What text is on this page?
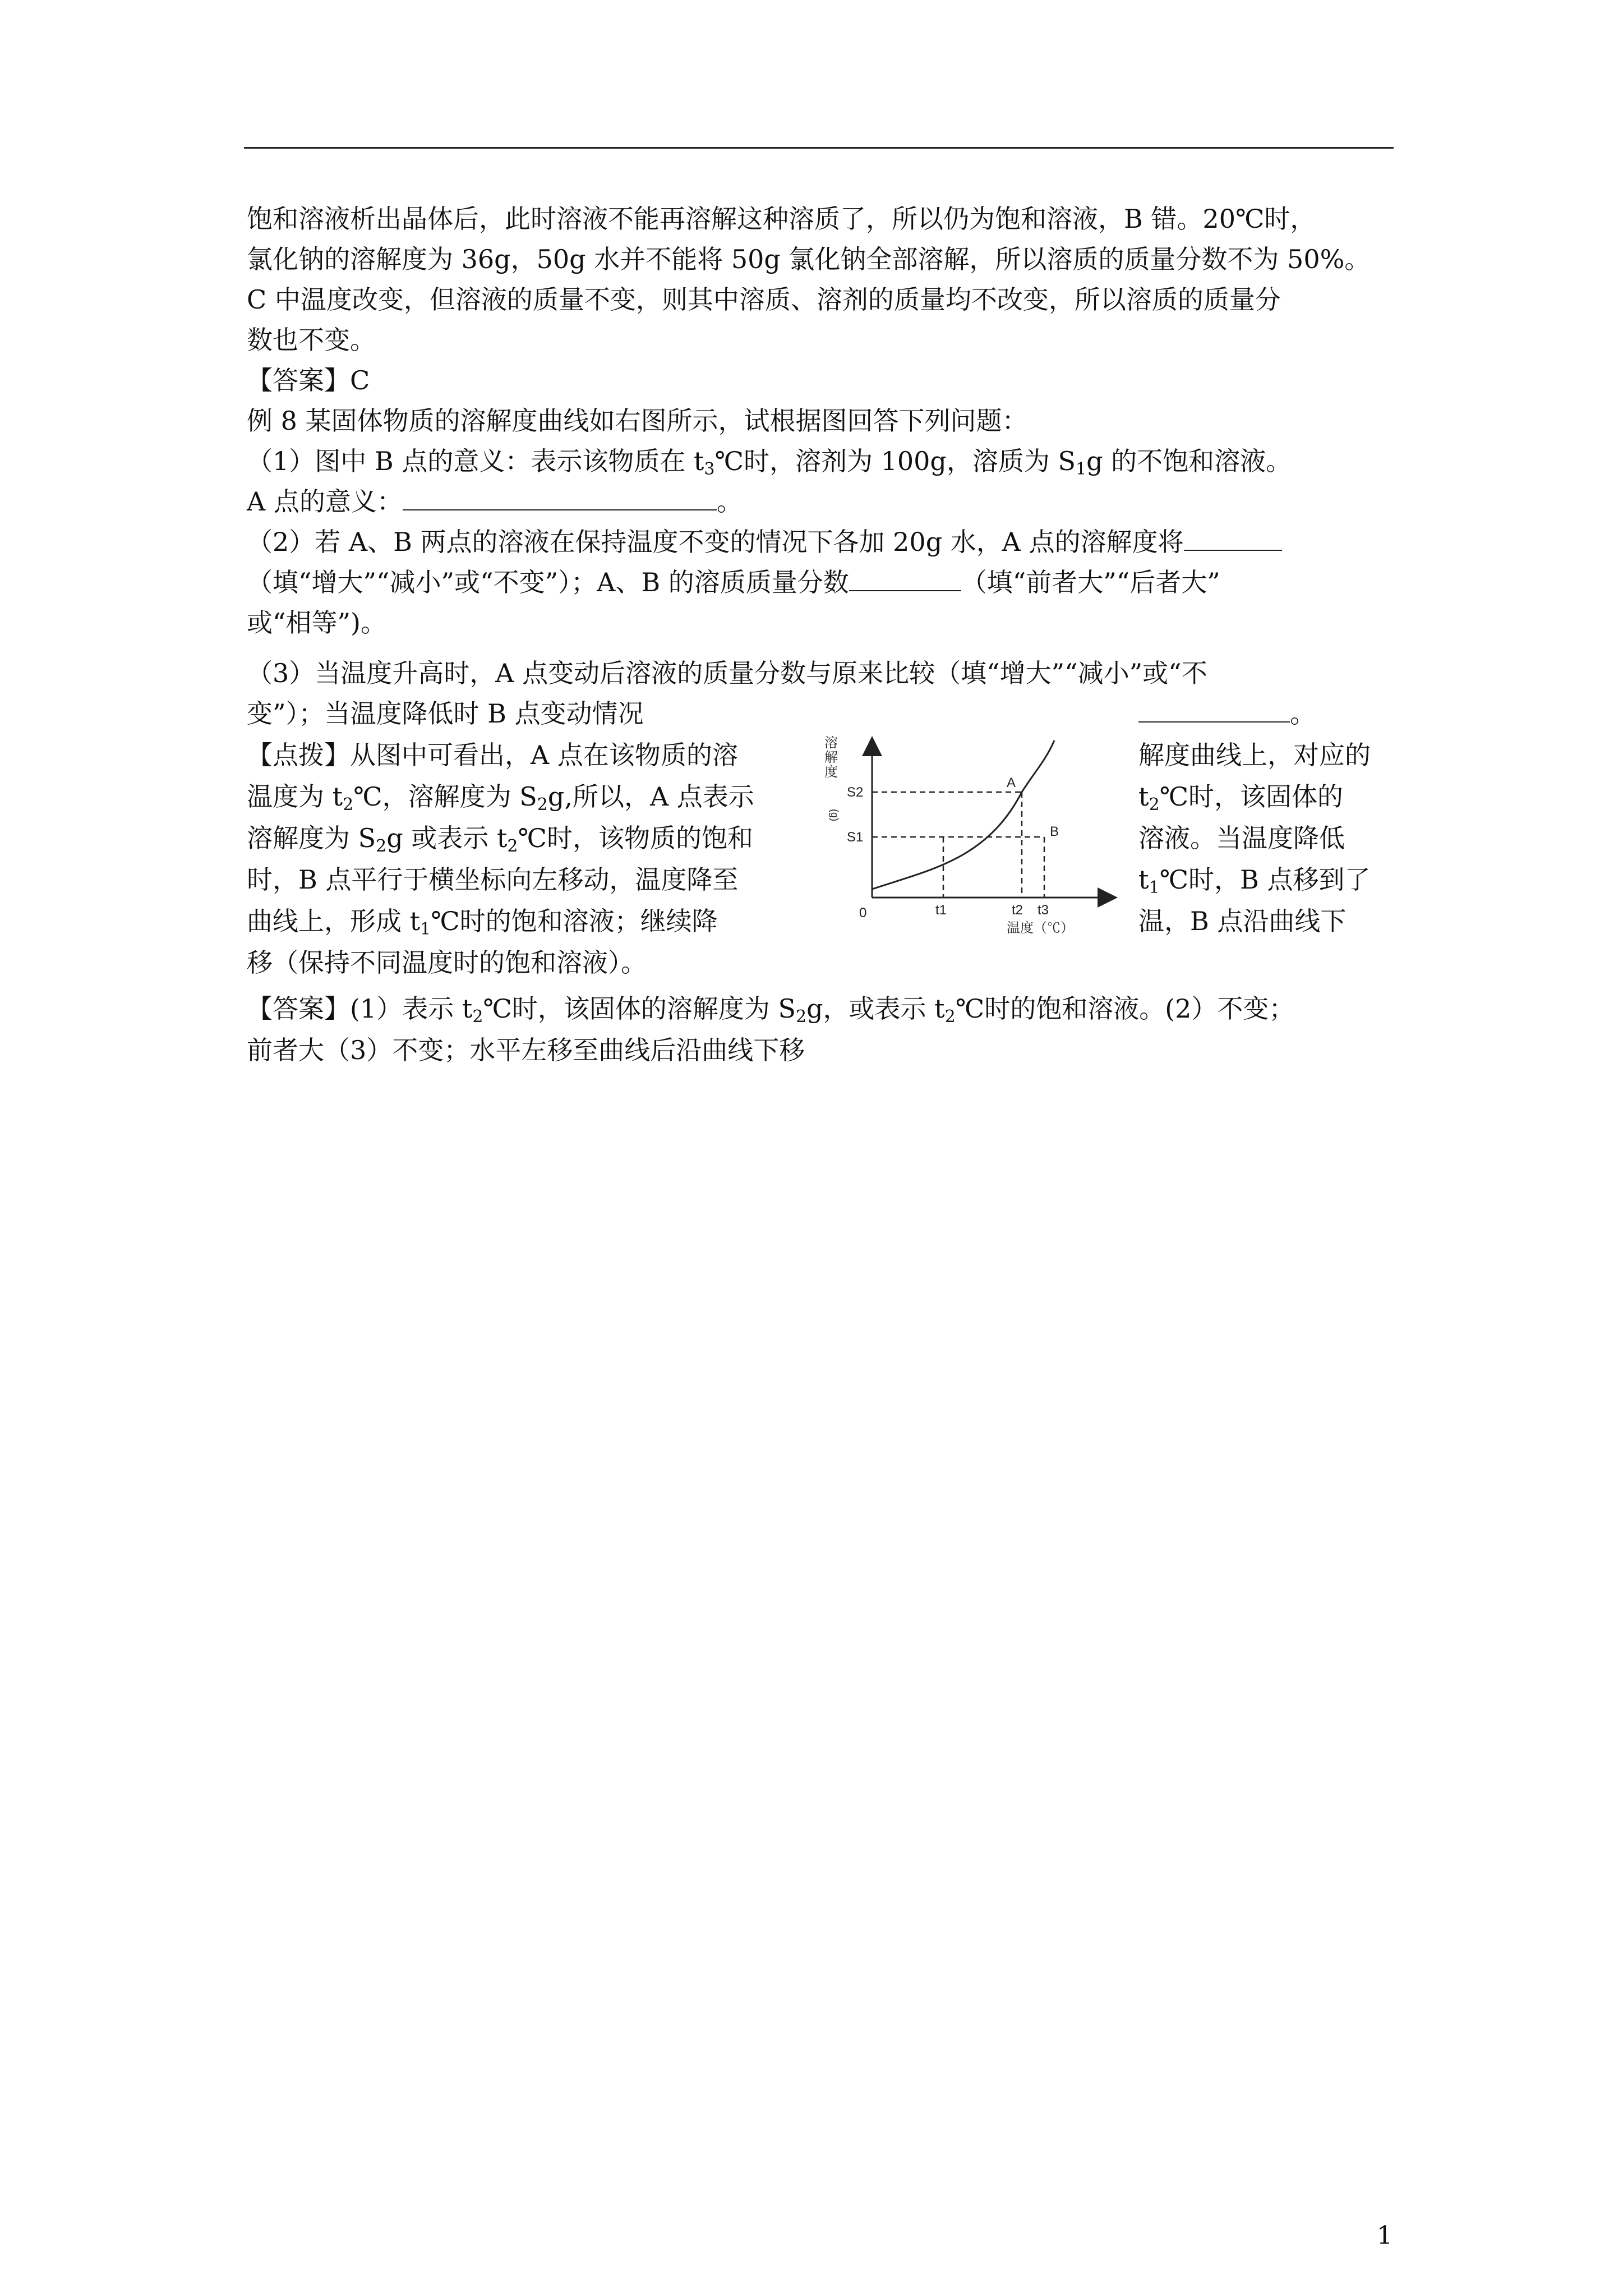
饱和溶液析出晶体后，此时溶液不能再溶解这种溶质了，所以仍为饱和溶液，B 错。20℃时，
氯化钠的溶解度为 36g，50g 水并不能将 50g 氯化钠全部溶解，所以溶质的质量分数不为 50%。
C 中温度改变，但溶液的质量不变，则其中溶质、溶剂的质量均不改变，所以溶质的质量分
数也不变。
【答案】C
例 8 某固体物质的溶解度曲线如右图所示，试根据图回答下列问题：
（1）图中 B 点的意义：表示该物质在 $t_3℃$时，溶剂为 100g，溶质为 $S_1g$ 的不饱和溶液。
A 点的意义：	。
（2）若 A、B 两点的溶液在保持温度不变的情况下各加 20g 水，A 点的溶解度将
（填“增大”“减小”或“不变”）；A、B 的溶质质量分数	（填“前者大”“后者大”
或“相等”)。
（3）当温度升高时，A 点变动后溶液的质量分数与原来比较（填“增大”“减小”或“不
变”）；当温度降低时 B 点变动情况	。
【点拨】从图中可看出，A 点在该物质的溶
温度为 $t_2℃$，溶解度为 $S_2g$,所以，A 点表示
溶解度为 $S_2g$ 或表示 $t_2℃$时，该物质的饱和
时，B 点平行于横坐标向左移动，温度降至
曲线上，形成 $t_1℃$时的饱和溶液；继续降
移（保持不同温度时的饱和溶液）。
解度曲线上，对应的
$t_2℃$时，该固体的
溶液。当温度降低
$t_1℃$时，B 点移到了
温，B 点沿曲线下
溶
解
度
(g)
S2
S1
0	t1	t2 t3
温度（℃）
A
B
【答案】(1）表示 $t_2℃$时，该固体的溶解度为 $S_2g$，或表示 $t_2℃$时的饱和溶液。(2）不变；
前者大（3）不变；水平左移至曲线后沿曲线下移
1
